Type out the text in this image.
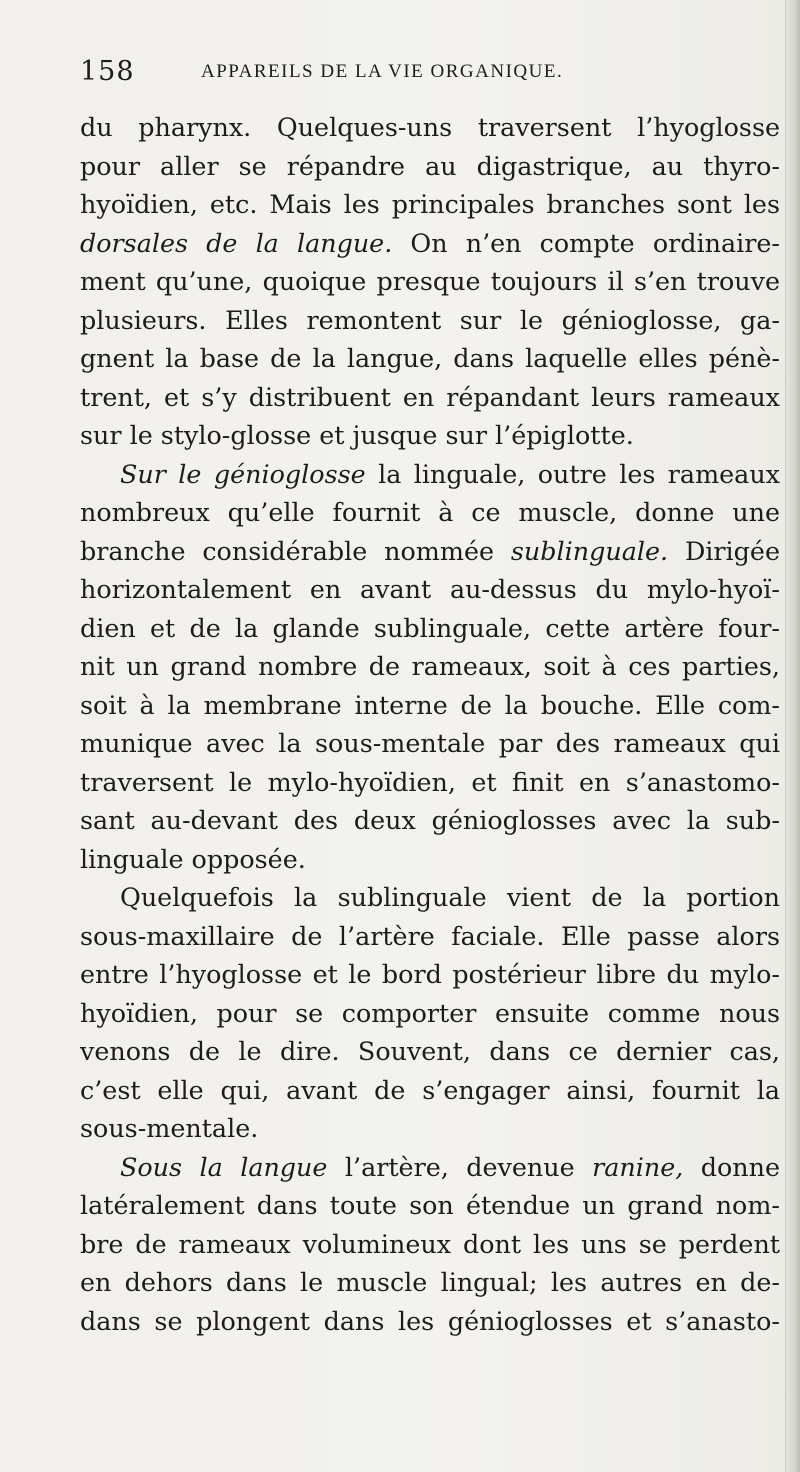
158	APPAREILS DE LA VIE ORGANIQUE.
du pharynx. Quelques-uns traversent l’hyoglosse
pour aller se répandre au digastrique, au thyro-
hyoïdien, etc. Mais les principales branches sont les
dorsales de la langue. On n’en compte ordinaire-
ment qu’une, quoique presque toujours il s’en trouve
plusieurs. Elles remontent sur le génioglosse, ga-
gnent la base de la langue, dans laquelle elles pénè-
trent, et s’y distribuent en répandant leurs rameaux
sur le stylo-glosse et jusque sur l’épiglotte.
Sur le génioglosse la linguale, outre les rameaux
nombreux qu’elle fournit à ce muscle, donne une
branche considérable nommée sublinguale. Dirigée
horizontalement en avant au-dessus du mylo-hyoï-
dien et de la glande sublinguale, cette artère four-
nit un grand nombre de rameaux, soit à ces parties,
soit à la membrane interne de la bouche. Elle com-
munique avec la sous-mentale par des rameaux qui
traversent le mylo-hyoïdien, et finit en s’anastomo-
sant au-devant des deux génioglosses avec la sub-
linguale opposée.
Quelquefois la sublinguale vient de la portion
sous-maxillaire de l’artère faciale. Elle passe alors
entre l’hyoglosse et le bord postérieur libre du mylo-
hyoïdien, pour se comporter ensuite comme nous
venons de le dire. Souvent, dans ce dernier cas,
c’est elle qui, avant de s’engager ainsi, fournit la
sous-mentale.
Sous la langue l’artère, devenue ranine, donne
latéralement dans toute son étendue un grand nom-
bre de rameaux volumineux dont les uns se perdent
en dehors dans le muscle lingual; les autres en de-
dans se plongent dans les génioglosses et s’anasto-
